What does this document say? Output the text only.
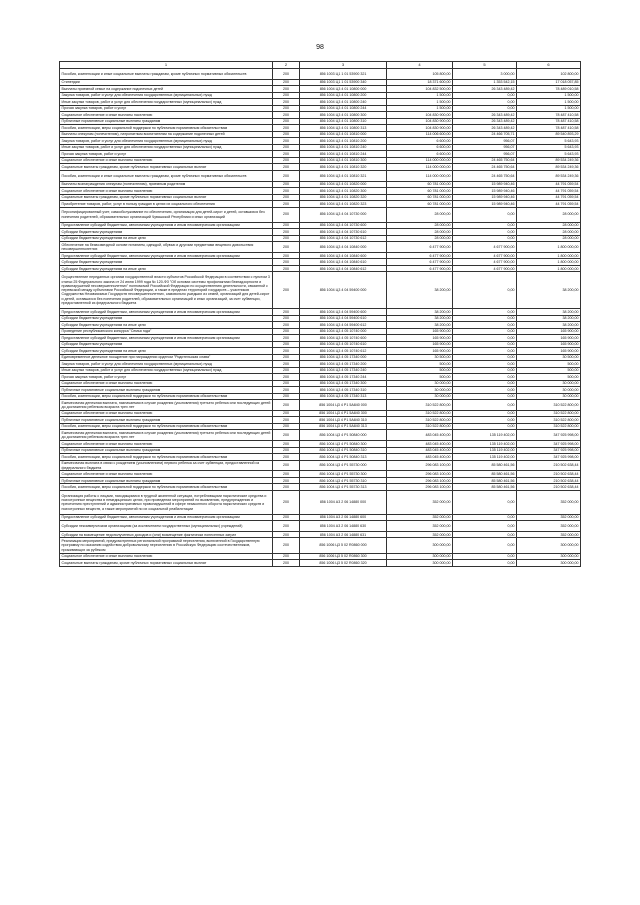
98
1	2	3	4	5	6
Пособия, компенсации и иные социальные выплаты гражданам, кроме публичных нормативных обязательств	200	856 1003 Ц1 1 01 53900 321	105 800,00	3 000,00	102 800,00
Стипендии	200	856 1003 Ц1 1 01 53900 340	18 371 600,00	1 353 542,15	17 018 057,85
Выплаты приемной семье на содержание подопечных детей	200	856 1004 Ц3 4 01 10800 000	104 832 500,00	26 343 489,42	78 489 010,58
Закупка товаров, работ и услуг для обеспечения государственных (муниципальных) нужд	200	856 1004 Ц3 4 01 10800 200	1 500,00	0,00	1 500,00
Иные закупки товаров, работ и услуг для обеспечения государственных (муниципальных) нужд	200	856 1004 Ц3 4 01 10800 240	1 500,00	0,00	1 500,00
Прочая закупка товаров, работ и услуг	200	856 1004 Ц3 4 01 10800 244	1 500,00	0,00	1 500,00
Социальное обеспечение и иные выплаты населению	200	856 1004 Ц3 4 01 10800 300	104 830 900,00	26 343 489,42	78 487 410,58
Публичные нормативные социальные выплаты гражданам	200	856 1004 Ц3 4 01 10800 310	104 830 900,00	26 343 489,42	78 487 410,58
Пособия, компенсации, меры социальной поддержки по публичным нормативным обязательствам	200	856 1004 Ц3 4 01 10800 313	104 830 900,00	26 343 489,42	78 487 410,58
Выплаты опекунам (попечителям), патронатным воспитателям на содержание подопечных детей	200	856 1004 Ц3 4 01 10810 000	114 006 600,00	24 466 705,71	89 540 893,29
Закупка товаров, работ и услуг для обеспечения государственных (муниципальных) нужд	200	856 1004 Ц3 4 01 10810 200	6 600,00	956,07	5 643,93
Иные закупки товаров, работ и услуг для обеспечения государственных (муниципальных) нужд	200	856 1004 Ц3 4 01 10810 240	6 600,00	956,07	5 643,93
Прочая закупка товаров, работ и услуг	200	856 1004 Ц3 4 01 10810 244	6 600,00	956,07	5 643,93
Социальное обеспечение и иные выплаты населению	200	856 1004 Ц3 4 01 10810 300	114 000 000,00	24 465 750,64	89 534 249,36
Социальные выплаты гражданам, кроме публичных нормативных социальных выплат	200	856 1004 Ц3 4 01 10810 320	114 000 000,00	24 465 750,64	89 534 249,36
Пособия, компенсации и иные социальные выплаты гражданам, кроме публичных нормативных обязательств	200	856 1004 Ц3 4 01 10810 321	114 000 000,00	24 465 750,64	89 534 249,36
Выплаты вознаграждения опекунам (попечителям), приемным родителям	200	856 1004 Ц3 4 01 10820 000	60 781 000,00	15 989 940,46	44 791 059,54
Социальное обеспечение и иные выплаты населению	200	856 1004 Ц3 4 01 10820 300	60 781 000,00	15 989 940,46	44 791 059,54
Социальные выплаты гражданам, кроме публичных нормативных социальных выплат	200	856 1004 Ц3 4 01 10820 320	60 781 000,00	15 989 940,46	44 791 059,54
Приобретение товаров, работ, услуг в пользу граждан в целях их социального обеспечения	200	856 1004 Ц3 4 01 10820 323	60 781 000,00	15 989 940,46	44 791 059,54
Персонифицированный учет, самообслуживание по обеспечению, организация для детей-сирот и детей, оставшихся без попечения родителей, образовательных организаций Чувашской Республики и иных организаций	200	856 1004 Ц3 4 04 10730 000	28 000,00	0,00	28 000,00
Предоставление субсидий бюджетным, автономным учреждениям и иным некоммерческим организациям	200	856 1004 Ц3 4 04 10730 600	28 000,00	0,00	28 000,00
Субсидии бюджетным учреждениям	200	856 1004 Ц3 4 04 10730 610	28 000,00	0,00	28 000,00
Субсидии бюджетным учреждениям на иные цели	200	856 1004 Ц3 4 04 10730 612	28 000,00	0,00	28 000,00
Обеспечение на безвозмездной основе питанием, одеждой, обувью и другими предметами вещевого довольствия несовершеннолетних	200	856 1004 Ц3 4 04 10840 000	6 477 900,00	4 677 900,00	1 800 000,00
Предоставление субсидий бюджетным, автономным учреждениям и иным некоммерческим организациям	200	856 1004 Ц3 4 04 10840 600	6 477 900,00	4 677 900,00	1 800 000,00
Субсидии бюджетным учреждениям	200	856 1004 Ц3 4 04 10840 610	6 477 900,00	4 677 900,00	1 800 000,00
Субсидии бюджетным учреждениям на иные цели	200	856 1004 Ц3 4 04 10840 612	6 477 900,00	4 677 900,00	1 800 000,00
Осуществление переданных органам государственной власти субъектов Российской Федерации в соответствии с пунктом 3 статьи 25 Федерального закона от 24 июня 1999 года № 120-ФЗ "Об основах системы профилактики безнадзорности и правонарушений несовершеннолетних" полномочий Российской Федерации по осуществлению деятельности, связанной с перевозкой между субъектами Российской Федерации, а также в пределах территорий государств – участников Содружества Независимых Государств несовершеннолетних, самовольно ушедших из семей, организаций для детей-сирот и детей, оставшихся без попечения родителей, образовательных организаций и иных организаций, за счет субвенции, предоставленной из федерального бюджета	200	856 1004 Ц3 4 04 59400 000	38 200,00	0,00	38 200,00
Предоставление субсидий бюджетным, автономным учреждениям и иным некоммерческим организациям	200	856 1004 Ц3 4 04 59400 600	38 200,00	0,00	38 200,00
Субсидии бюджетным учреждениям	200	856 1004 Ц3 4 04 59400 610	38 200,00	0,00	38 200,00
Субсидии бюджетным учреждениям на иные цели	200	856 1004 Ц3 4 04 59400 612	38 200,00	0,00	38 200,00
Проведение республиканского конкурса "Семья года"	200	856 1004 Ц3 4 05 10740 000	165 900,00	0,00	165 900,00
Предоставление субсидий бюджетным, автономным учреждениям и иным некоммерческим организациям	200	856 1004 Ц3 4 05 10740 600	165 900,00	0,00	165 900,00
Субсидии бюджетным учреждениям	200	856 1004 Ц3 4 05 10740 610	165 900,00	0,00	165 900,00
Субсидии бюджетным учреждениям на иные цели	200	856 1004 Ц3 4 05 10740 612	165 900,00	0,00	165 900,00
Единовременное денежное поощрение при награждении орденом "Родительская слава"	200	856 1004 Ц3 4 05 17340 000	30 500,00	0,00	30 500,00
Закупка товаров, работ и услуг для обеспечения государственных (муниципальных) нужд	200	856 1004 Ц3 4 05 17340 200	500,00	0,00	500,00
Иные закупки товаров, работ и услуг для обеспечения государственных (муниципальных) нужд	200	856 1004 Ц3 4 05 17340 240	500,00	0,00	500,00
Прочая закупка товаров, работ и услуг	200	856 1004 Ц3 4 05 17340 244	500,00	0,00	500,00
Социальное обеспечение и иные выплаты населению	200	856 1004 Ц3 4 05 17340 300	30 000,00	0,00	30 000,00
Публичные нормативные социальные выплаты гражданам	200	856 1004 Ц3 4 05 17340 310	30 000,00	0,00	30 000,00
Пособия, компенсации, меры социальной поддержки по публичным нормативным обязательствам	200	856 1004 Ц3 4 05 17340 313	30 000,00	0,00	30 000,00
Ежемесячная денежная выплата, назначаемая в случае рождения (усыновления) третьего ребенка или последующих детей до достижения ребенком возраста трех лет	200	856 1004 Ц3 4 Р1 5А840 000	310 522 800,00	0,00	310 522 800,00
Социальное обеспечение и иные выплаты населению	200	856 1004 Ц3 4 Р1 5А840 300	310 522 800,00	0,00	310 522 800,00
Публичные нормативные социальные выплаты гражданам	200	856 1004 Ц3 4 Р1 5А840 310	310 522 800,00	0,00	310 522 800,00
Пособия, компенсации, меры социальной поддержки по публичным нормативным обязательствам	200	856 1004 Ц3 4 Р1 5А840 313	310 522 800,00	0,00	310 522 800,00
Ежемесячная денежная выплата, назначаемая в случае рождения (усыновления) третьего ребенка или последующих детей до достижения ребенком возраста трех лет	200	856 1004 Ц3 4 Р1 50840 000	483 045 400,00	135 119 402,00	347 925 998,00
Социальное обеспечение и иные выплаты населению	200	856 1004 Ц3 4 Р1 50840 300	483 045 400,00	135 119 402,00	347 925 998,00
Публичные нормативные социальные выплаты гражданам	200	856 1004 Ц3 4 Р1 50840 310	483 045 400,00	135 119 402,00	347 925 998,00
Пособия, компенсации, меры социальной поддержки по публичным нормативным обязательствам	200	856 1004 Ц3 4 Р1 50840 313	483 045 400,00	135 119 402,00	347 925 998,00
Ежемесячная выплата в связи с рождением (усыновлением) первого ребенка за счет субвенции, предоставленной из федерального бюджета	200	856 1004 Ц3 4 Р1 55730 000	296 083 100,00	85 580 461,56	210 502 638,44
Социальное обеспечение и иные выплаты населению	200	856 1004 Ц3 4 Р1 55730 300	296 083 100,00	85 580 461,56	210 502 638,44
Публичные нормативные социальные выплаты гражданам	200	856 1004 Ц3 4 Р1 55730 310	296 083 100,00	85 580 461,56	210 502 638,44
Пособия, компенсации, меры социальной поддержки по публичным нормативным обязательствам	200	856 1004 Ц3 4 Р1 55730 313	296 083 100,00	85 580 461,56	210 502 638,44
Организация работы с лицами, находящимися в трудной жизненной ситуации, потребляющими наркотические средства и психотропные вещества в немедицинских целях, при проведении мероприятий по выявлению, предупреждению и пресечению преступлений и административных правонарушений в сфере незаконного оборота наркотических средств и психотропных веществ, а также мероприятий по их социальной реабилитации	200	856 1004 А3 2 06 14880 000	352 000,00	0,00	352 000,00
Предоставление субсидий бюджетным, автономным учреждениям и иным некоммерческим организациям	200	856 1004 А3 2 06 14880 600	352 000,00	0,00	352 000,00
Субсидии некоммерческим организациям (за исключением государственных (муниципальных) учреждений)	200	856 1004 А3 2 06 14880 630	352 000,00	0,00	352 000,00
Субсидии на возмещение недополученных доходов и (или) возмещение фактически понесенных затрат	200	856 1004 А3 2 06 14880 631	352 000,00	0,00	352 000,00
Реализация мероприятий, предусмотренных региональной программой переселения, включенной в Государственную программу по оказанию содействия добровольному переселению в Российскую Федерацию соотечественников, проживающих за рубежом	200	856 1006 Ц3 5 02 R0860 000	300 000,00	0,00	300 000,00
Социальное обеспечение и иные выплаты населению	200	856 1006 Ц3 5 02 R0860 300	300 000,00	0,00	300 000,00
Социальные выплаты гражданам, кроме публичных нормативных социальных выплат	200	856 1006 Ц3 5 02 R0860 320	300 000,00	0,00	300 000,00
